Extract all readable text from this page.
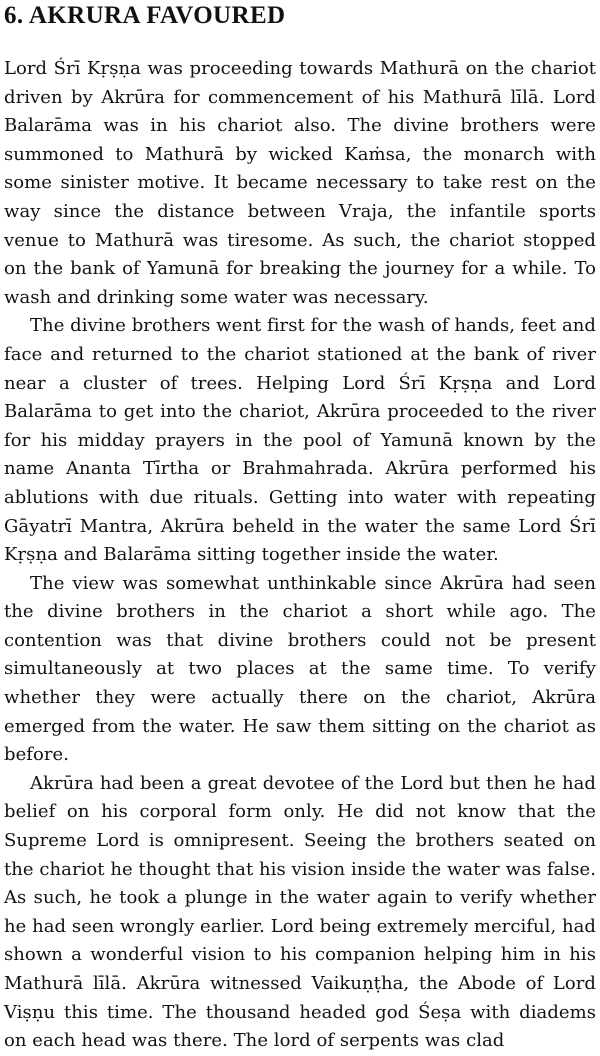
6. AKRURA FAVOURED

Lord Śrī Kṛṣṇa was proceeding towards Mathurā on the chariot driven by Akrūra for commencement of his Mathurā līlā. Lord Balarāma was in his chariot also. The divine brothers were summoned to Mathurā by wicked Kaṁsa, the monarch with some sinister motive. It became necessary to take rest on the way since the distance between Vraja, the infantile sports venue to Mathurā was tiresome. As such, the chariot stopped on the bank of Yamunā for breaking the journey for a while. To wash and drinking some water was necessary.

The divine brothers went first for the wash of hands, feet and face and returned to the chariot stationed at the bank of river near a cluster of trees. Helping Lord Śrī Kṛṣṇa and Lord Balarāma to get into the chariot, Akrūra proceeded to the river for his midday prayers in the pool of Yamunā known by the name Ananta Tīrtha or Brahmahrada. Akrūra performed his ablutions with due rituals. Getting into water with repeating Gāyatrī Mantra, Akrūra beheld in the water the same Lord Śrī Kṛṣṇa and Balarāma sitting together inside the water.

The view was somewhat unthinkable since Akrūra had seen the divine brothers in the chariot a short while ago. The contention was that divine brothers could not be present simultaneously at two places at the same time. To verify whether they were actually there on the chariot, Akrūra emerged from the water. He saw them sitting on the chariot as before.

Akrūra had been a great devotee of the Lord but then he had belief on his corporal form only. He did not know that the Supreme Lord is omnipresent. Seeing the brothers seated on the chariot he thought that his vision inside the water was false. As such, he took a plunge in the water again to verify whether he had seen wrongly earlier. Lord being extremely merciful, had shown a wonderful vision to his companion helping him in his Mathurā līlā. Akrūra witnessed Vaikuṇṭha, the Abode of Lord Viṣṇu this time. The thousand headed god Śeṣa with diadems on each head was there. The lord of serpents was clad
